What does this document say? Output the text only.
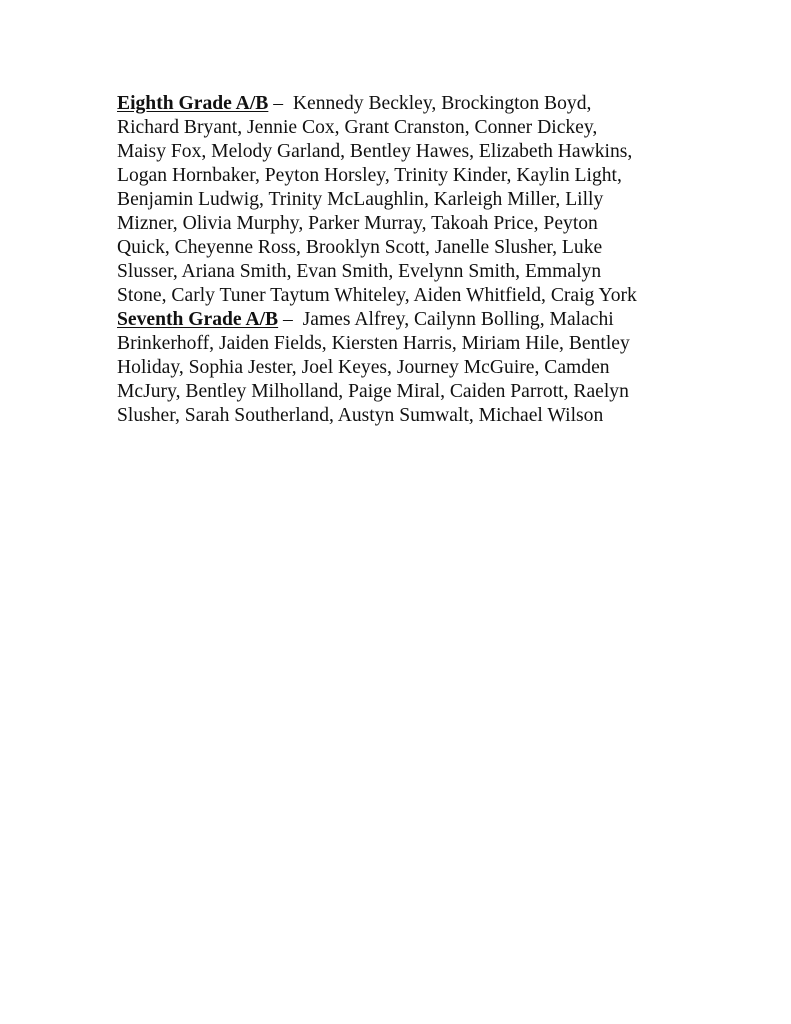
Eighth Grade A/B –  Kennedy Beckley, Brockington Boyd,
Richard Bryant, Jennie Cox, Grant Cranston, Conner Dickey,
Maisy Fox, Melody Garland, Bentley Hawes, Elizabeth Hawkins,
Logan Hornbaker, Peyton Horsley, Trinity Kinder, Kaylin Light,
Benjamin Ludwig, Trinity McLaughlin, Karleigh Miller, Lilly
Mizner, Olivia Murphy, Parker Murray, Takoah Price, Peyton
Quick, Cheyenne Ross, Brooklyn Scott, Janelle Slusher, Luke
Slusser, Ariana Smith, Evan Smith, Evelynn Smith, Emmalyn
Stone, Carly Tuner Taytum Whiteley, Aiden Whitfield, Craig York
Seventh Grade A/B –  James Alfrey, Cailynn Bolling, Malachi
Brinkerhoff, Jaiden Fields, Kiersten Harris, Miriam Hile, Bentley
Holiday, Sophia Jester, Joel Keyes, Journey McGuire, Camden
McJury, Bentley Milholland, Paige Miral, Caiden Parrott, Raelyn
Slusher, Sarah Southerland, Austyn Sumwalt, Michael Wilson
